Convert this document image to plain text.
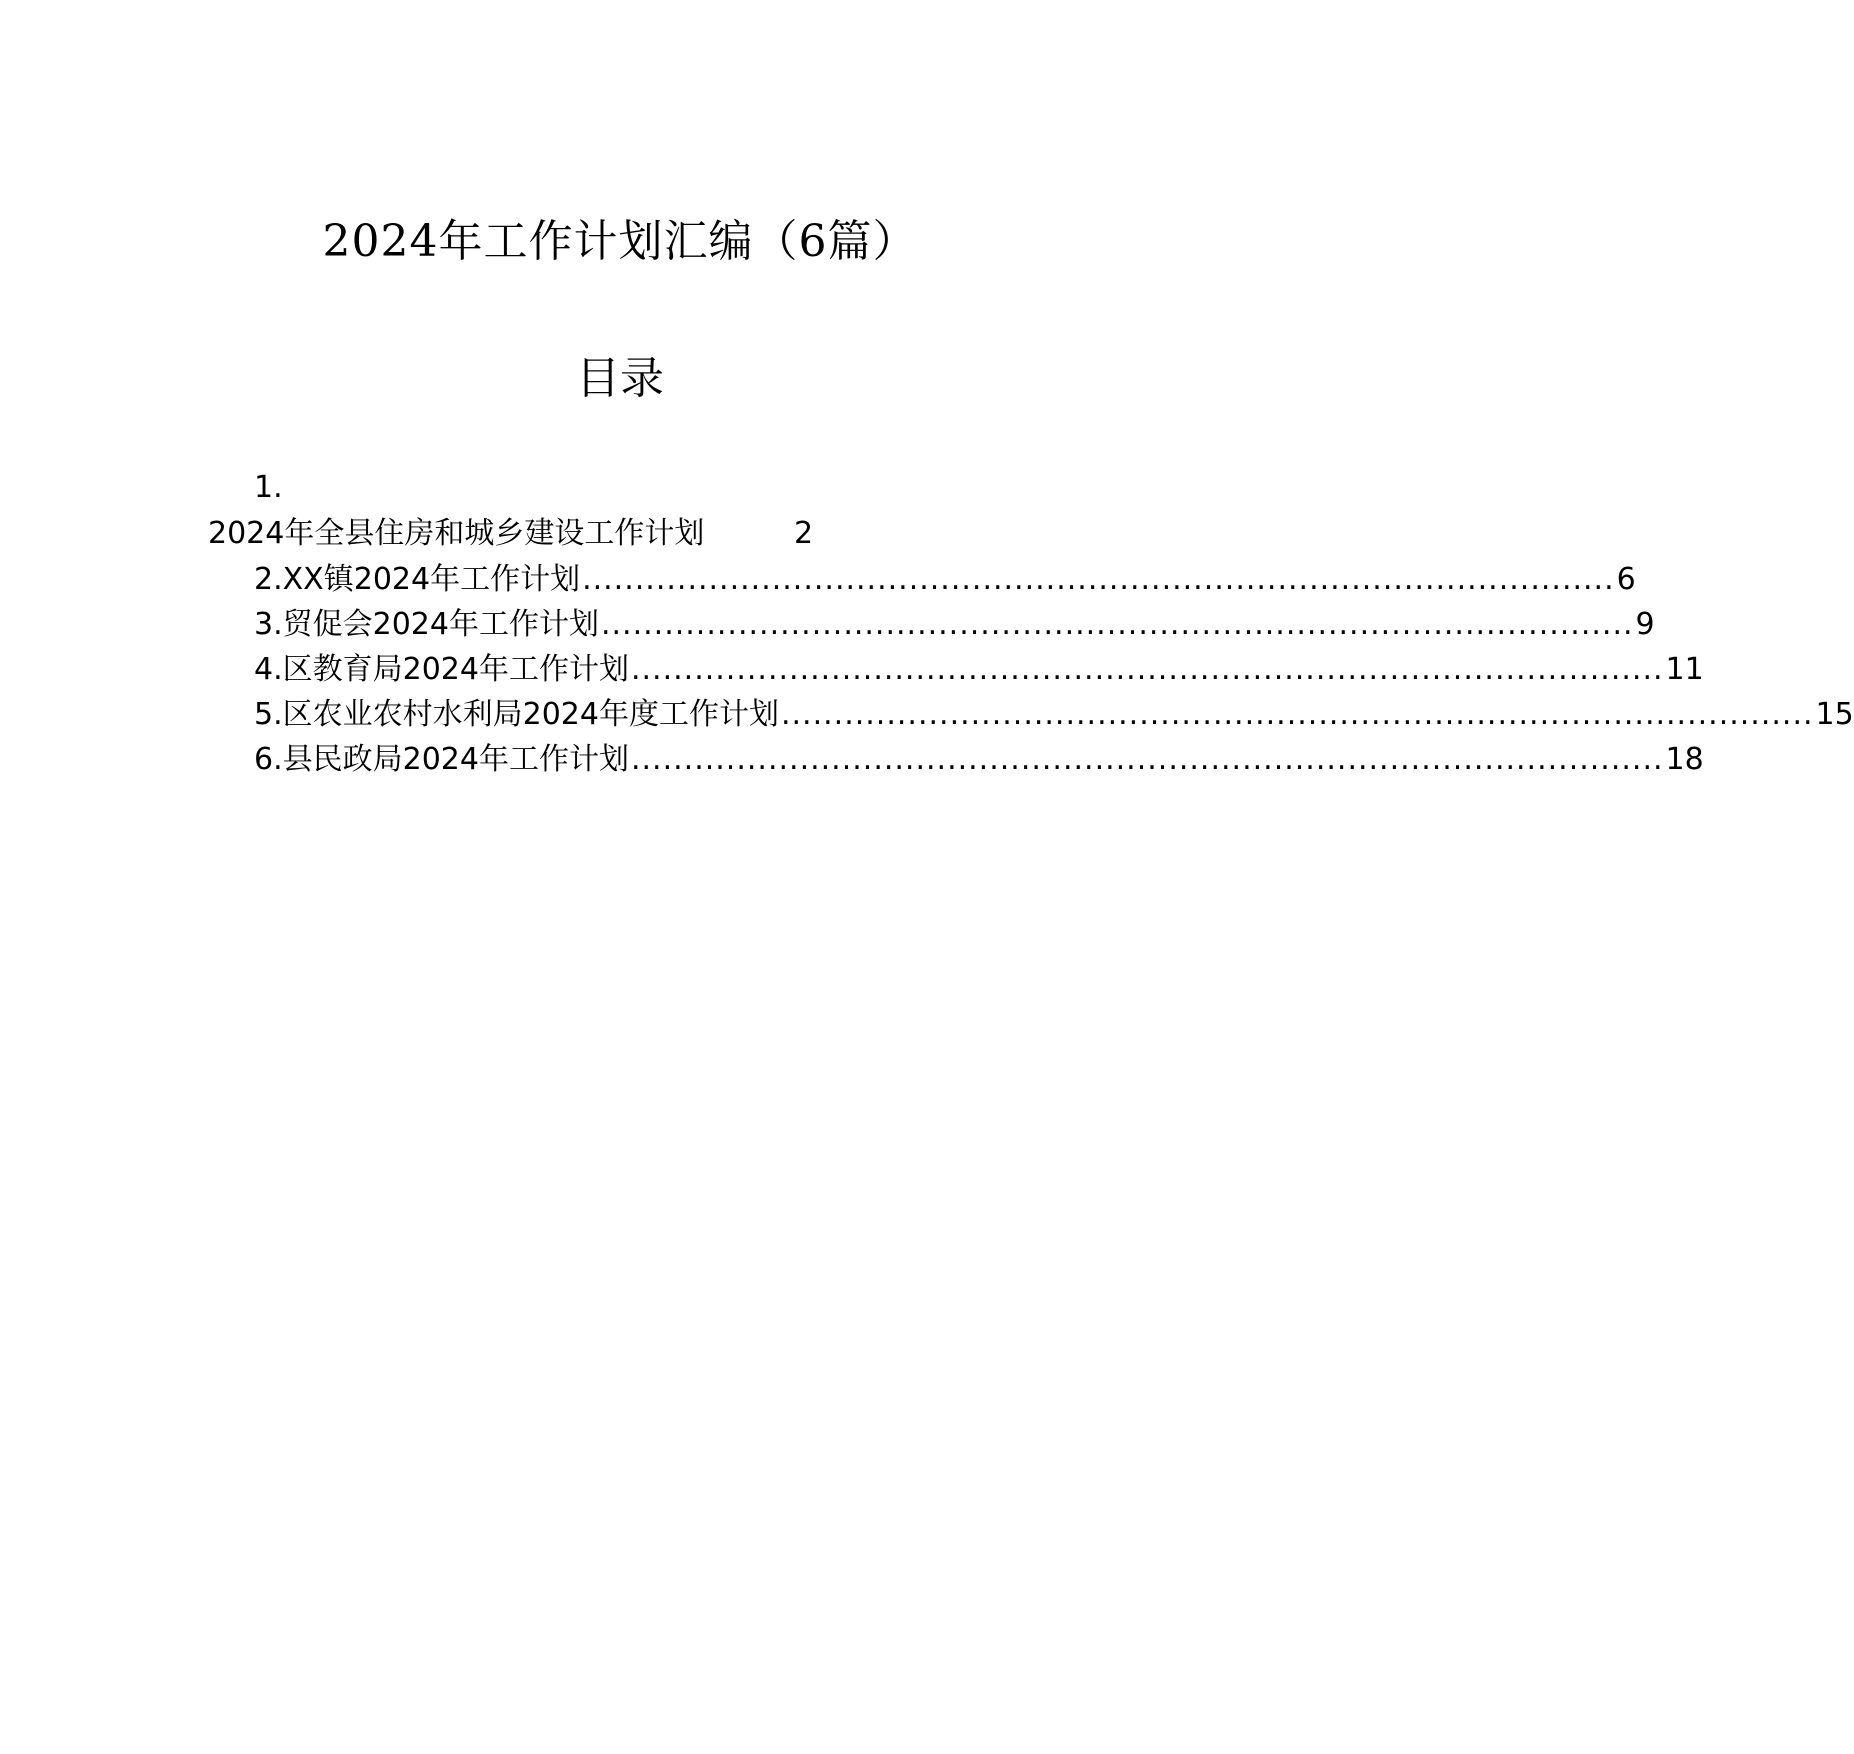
2024年工作计划汇编（6篇）
目录
1.
2024年全县住房和城乡建设工作计划	2
2.XX镇2024年工作计划 .................................................................................................. 6
3.贸促会2024年工作计划 .................................................................................................. 9
4.区教育局2024年工作计划 .................................................................................................. 11
5.区农业农村水利局2024年度工作计划 .................................................................................................. 15
6.县民政局2024年工作计划 .................................................................................................. 18
